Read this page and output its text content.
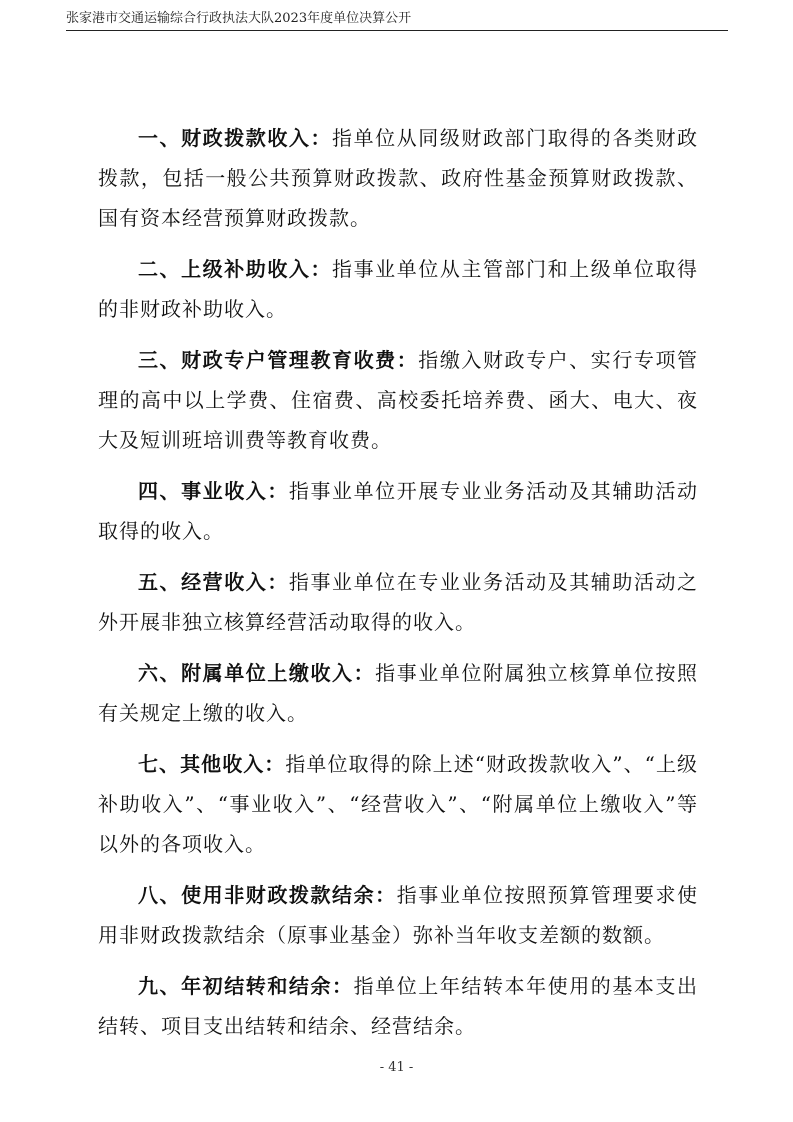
张家港市交通运输综合行政执法大队2023年度单位决算公开

一、财政拨款收入：指单位从同级财政部门取得的各类财政拨款，包括一般公共预算财政拨款、政府性基金预算财政拨款、国有资本经营预算财政拨款。

二、上级补助收入：指事业单位从主管部门和上级单位取得的非财政补助收入。

三、财政专户管理教育收费：指缴入财政专户、实行专项管理的高中以上学费、住宿费、高校委托培养费、函大、电大、夜大及短训班培训费等教育收费。

四、事业收入：指事业单位开展专业业务活动及其辅助活动取得的收入。

五、经营收入：指事业单位在专业业务活动及其辅助活动之外开展非独立核算经营活动取得的收入。

六、附属单位上缴收入：指事业单位附属独立核算单位按照有关规定上缴的收入。

七、其他收入：指单位取得的除上述“财政拨款收入”、“上级补助收入”、“事业收入”、“经营收入”、“附属单位上缴收入”等以外的各项收入。

八、使用非财政拨款结余：指事业单位按照预算管理要求使用非财政拨款结余（原事业基金）弥补当年收支差额的数额。

九、年初结转和结余：指单位上年结转本年使用的基本支出结转、项目支出结转和结余、经营结余。

- 41 -
